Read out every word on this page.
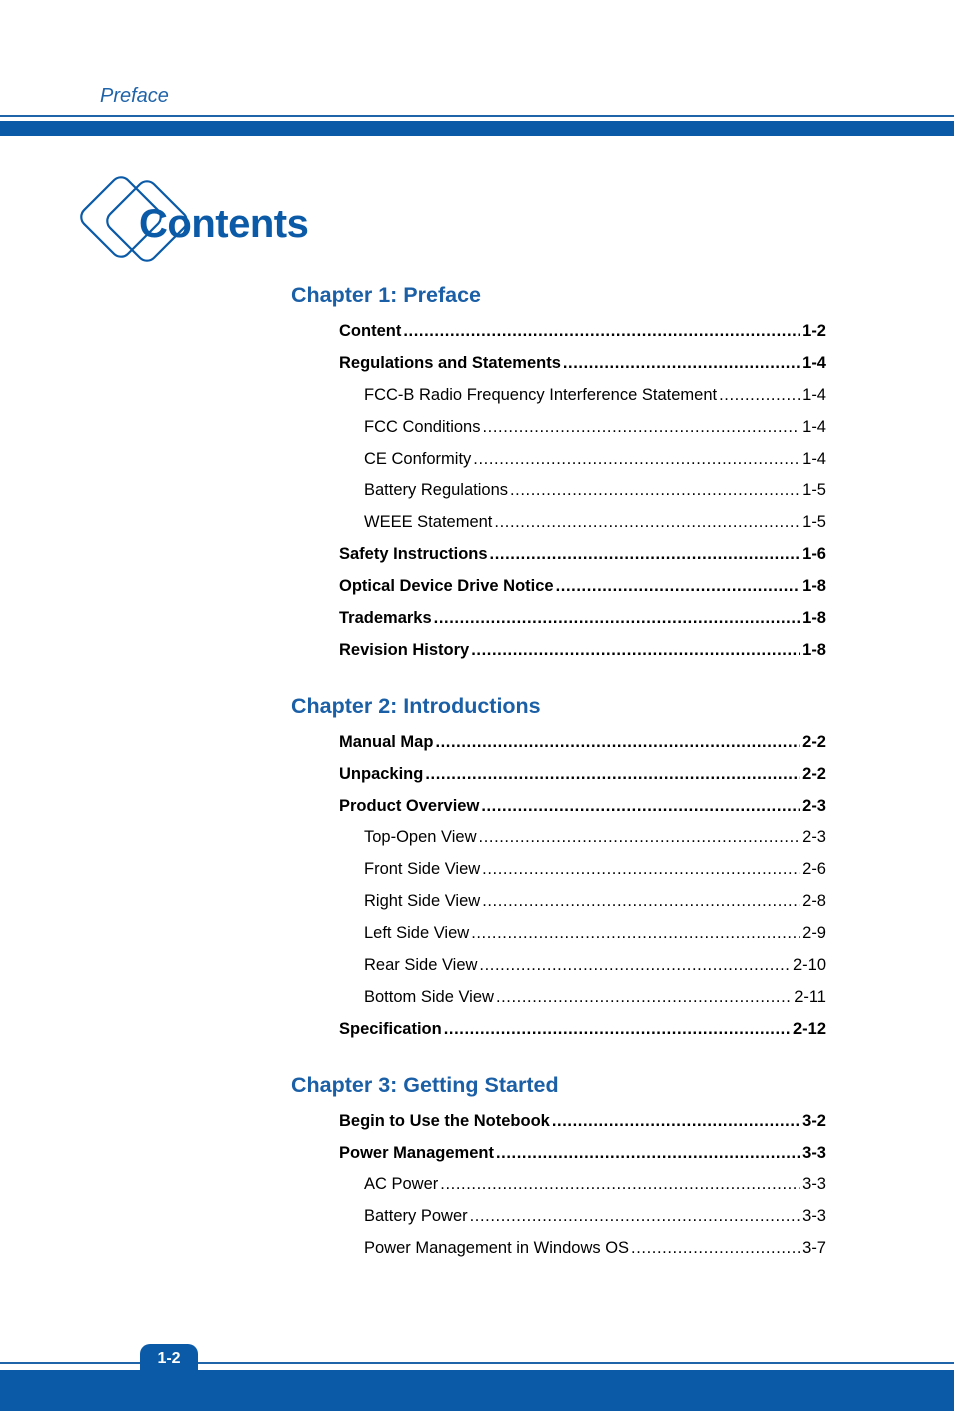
Preface
Contents
Chapter 1: Preface
Content .....	1-2
Regulations and Statements .....	1-4
FCC-B Radio Frequency Interference Statement .....	1-4
FCC Conditions .....	1-4
CE Conformity .....	1-4
Battery Regulations .....	1-5
WEEE Statement .....	1-5
Safety Instructions .....	1-6
Optical Device Drive Notice .....	1-8
Trademarks .....	1-8
Revision History .....	1-8
Chapter 2: Introductions
Manual Map .....	2-2
Unpacking .....	2-2
Product Overview .....	2-3
Top-Open View .....	2-3
Front Side View .....	2-6
Right Side View .....	2-8
Left Side View .....	2-9
Rear Side View .....	2-10
Bottom Side View .....	2-11
Specification .....	2-12
Chapter 3: Getting Started
Begin to Use the Notebook .....	3-2
Power Management .....	3-3
AC Power .....	3-3
Battery Power .....	3-3
Power Management in Windows OS .....	3-7
1-2
